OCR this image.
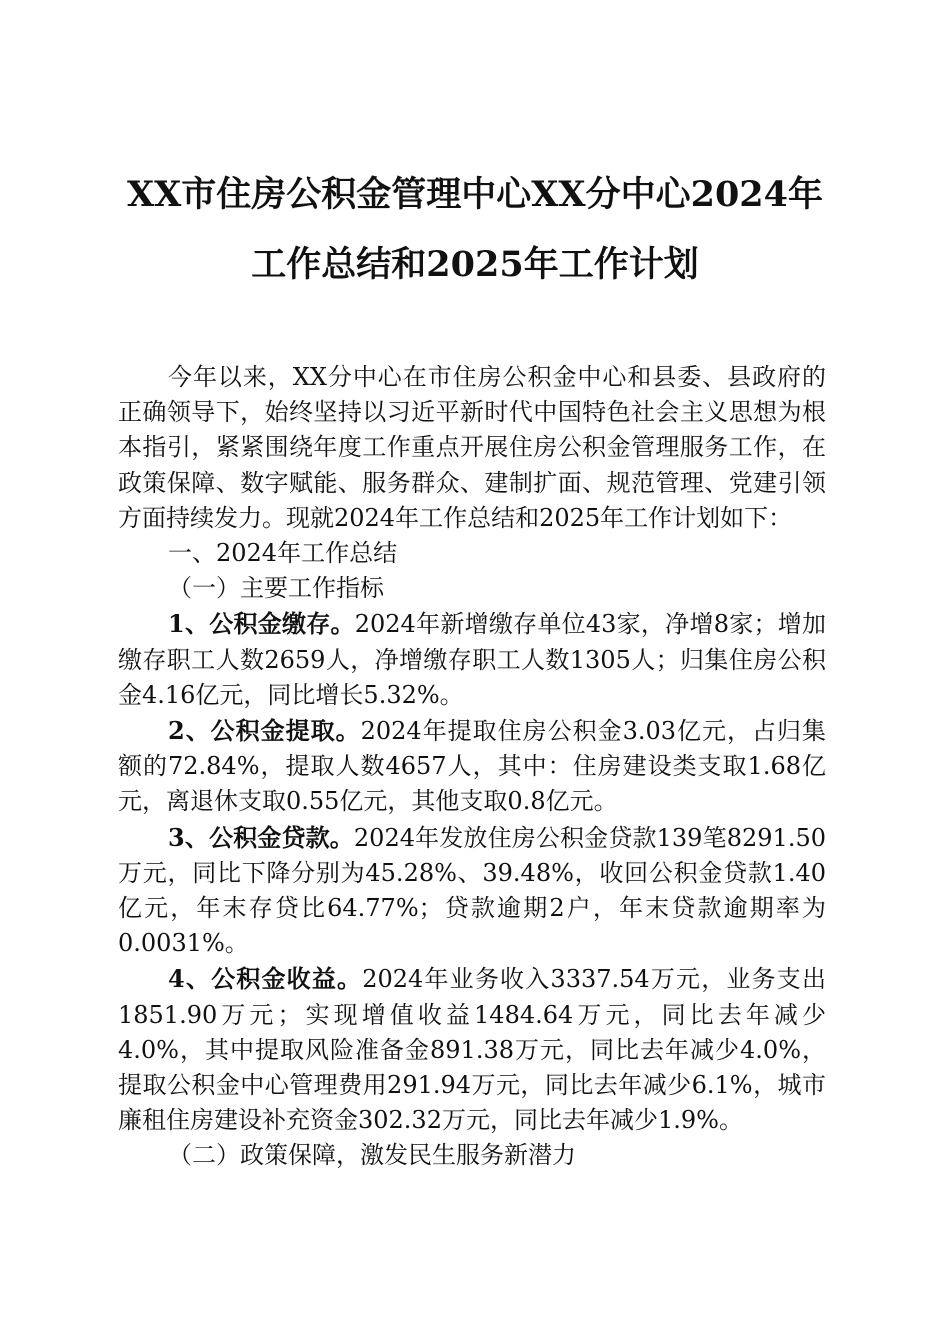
XX市住房公积金管理中心XX分中心2024年
工作总结和2025年工作计划

今年以来，XX分中心在市住房公积金中心和县委、县政府的正确领导下，始终坚持以习近平新时代中国特色社会主义思想为根本指引，紧紧围绕年度工作重点开展住房公积金管理服务工作，在政策保障、数字赋能、服务群众、建制扩面、规范管理、党建引领方面持续发力。现就2024年工作总结和2025年工作计划如下：

一、2024年工作总结

（一）主要工作指标

1、公积金缴存。2024年新增缴存单位43家，净增8家；增加缴存职工人数2659人，净增缴存职工人数1305人；归集住房公积金4.16亿元，同比增长5.32%。

2、公积金提取。2024年提取住房公积金3.03亿元，占归集额的72.84%，提取人数4657人，其中：住房建设类支取1.68亿元，离退休支取0.55亿元，其他支取0.8亿元。

3、公积金贷款。2024年发放住房公积金贷款139笔8291.50万元，同比下降分别为45.28%、39.48%，收回公积金贷款1.40亿元，年末存贷比64.77%；贷款逾期2户，年末贷款逾期率为0.0031%。

4、公积金收益。2024年业务收入3337.54万元，业务支出1851.90万元；实现增值收益1484.64万元，同比去年减少4.0%，其中提取风险准备金891.38万元，同比去年减少4.0%，提取公积金中心管理费用291.94万元，同比去年减少6.1%，城市廉租住房建设补充资金302.32万元，同比去年减少1.9%。

（二）政策保障，激发民生服务新潜力
